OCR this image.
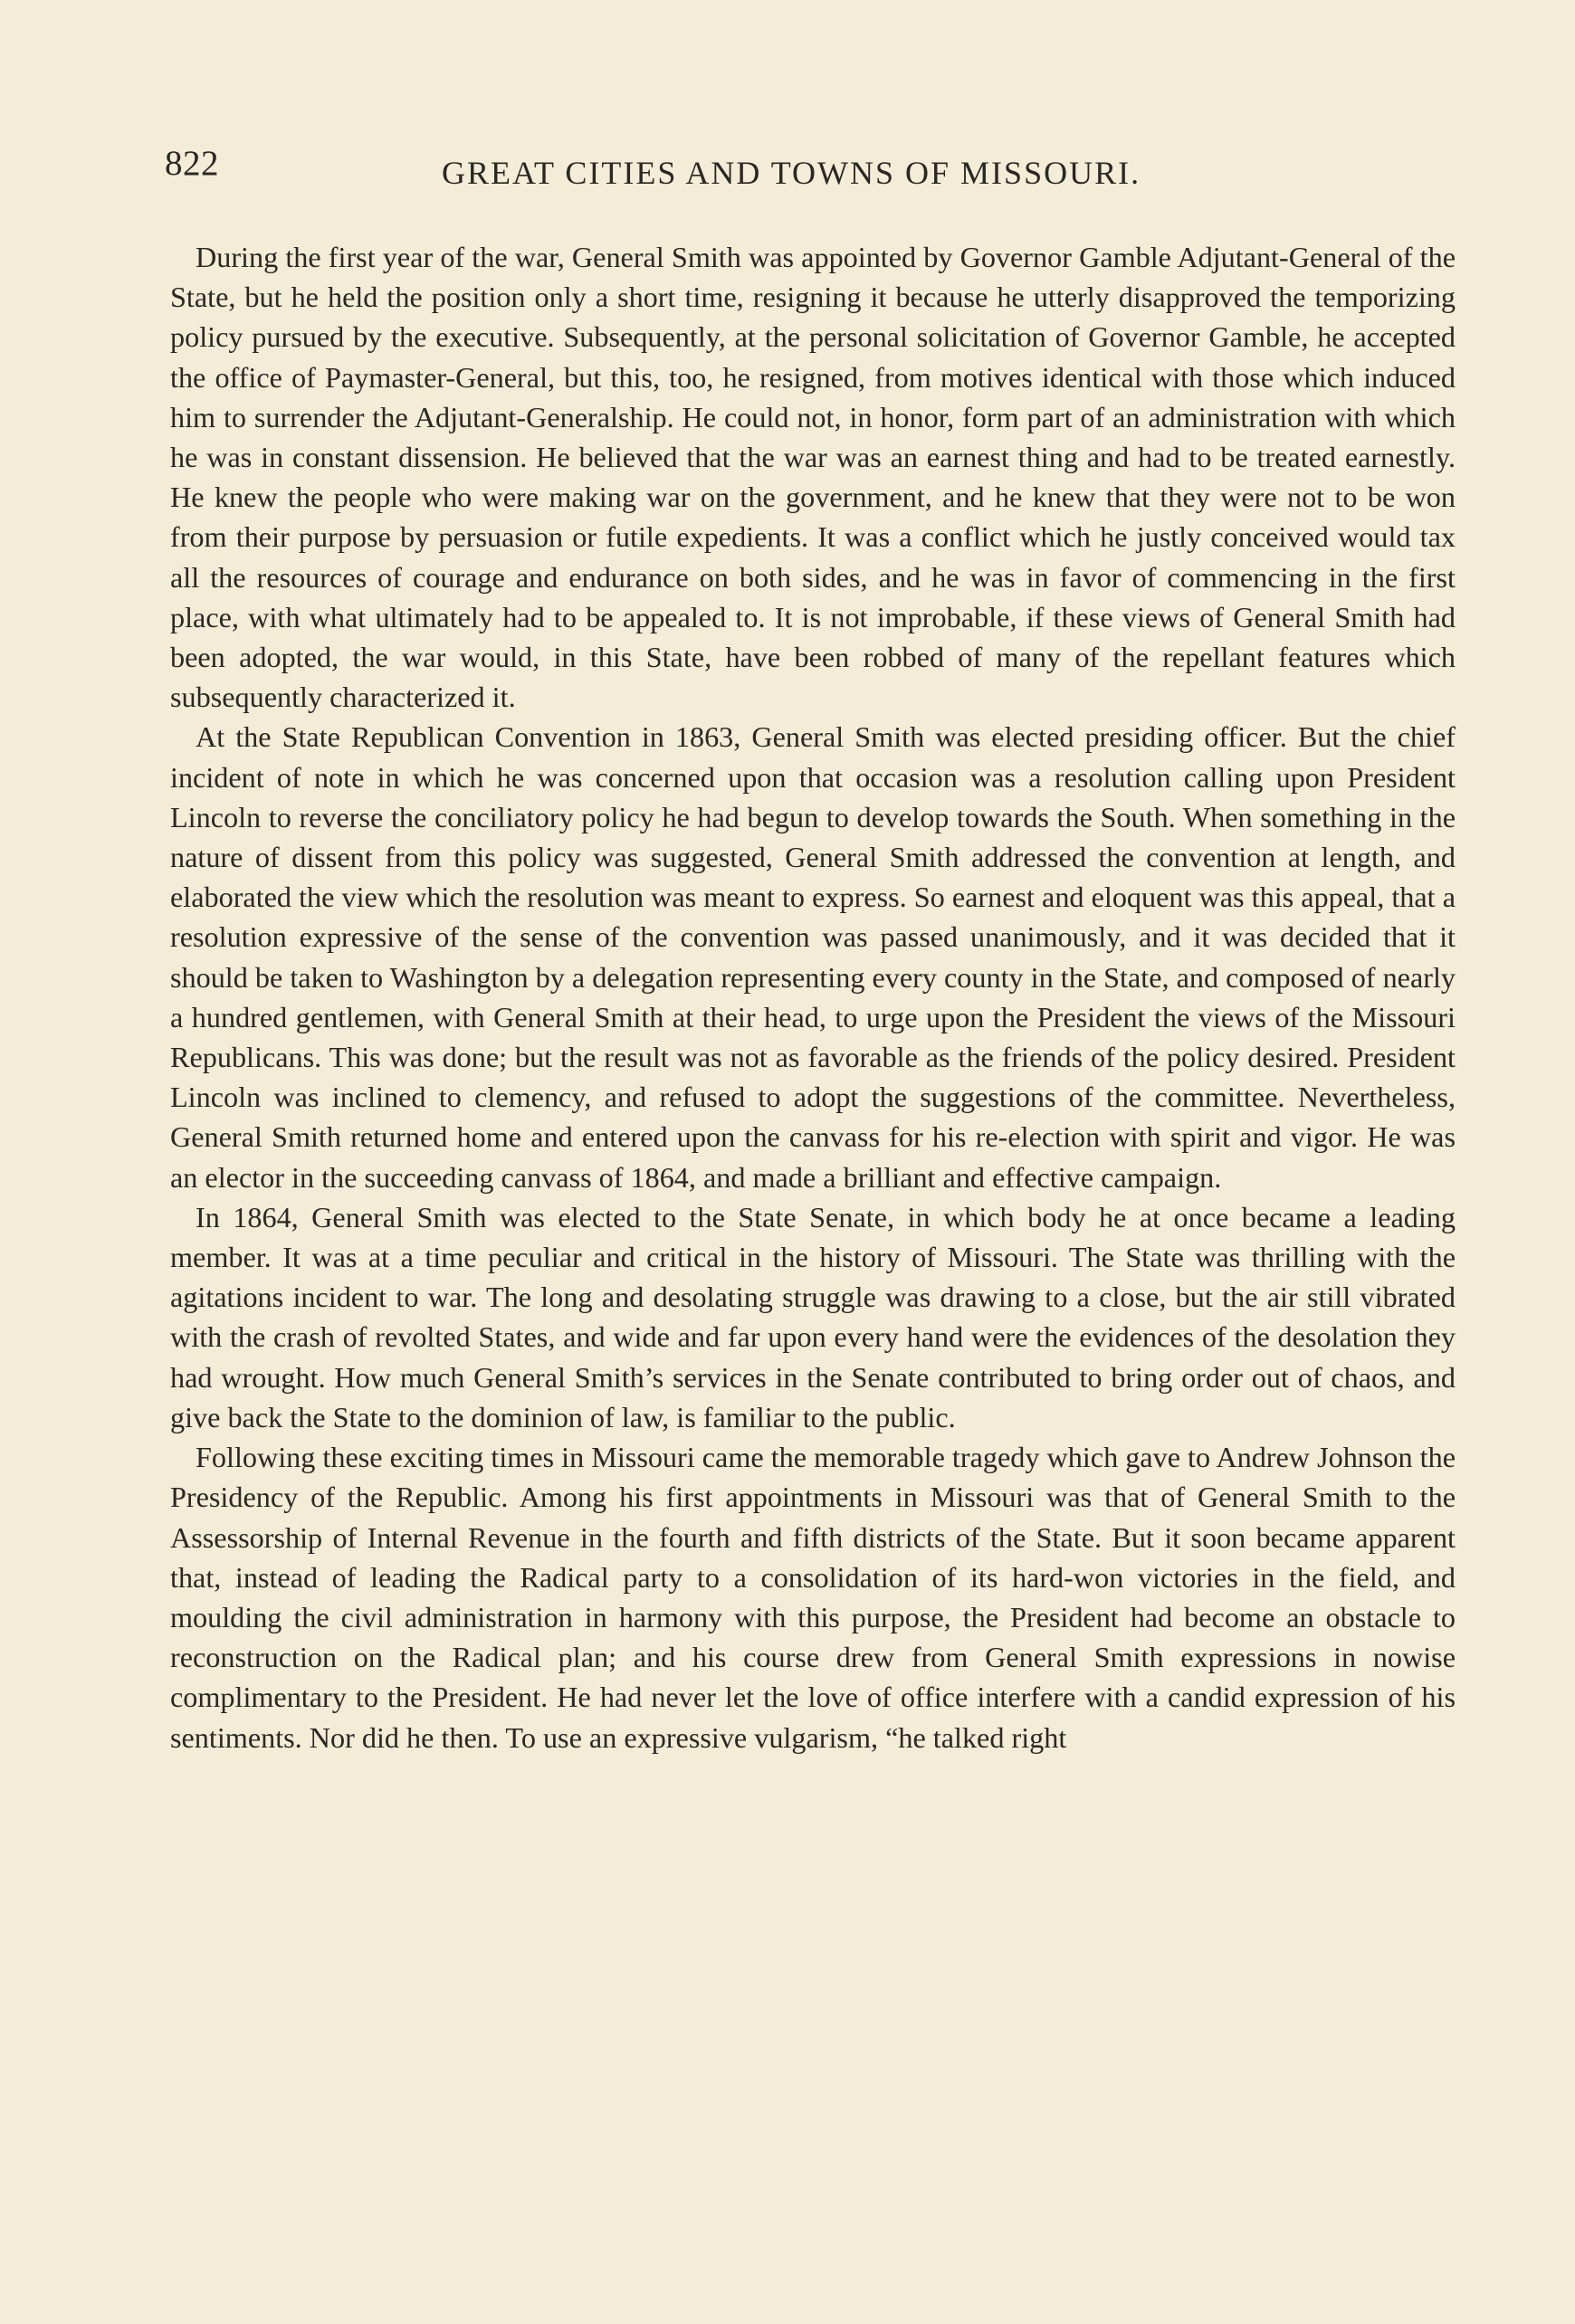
822	GREAT CITIES AND TOWNS OF MISSOURI.

During the first year of the war, General Smith was appointed by Governor Gamble Adjutant-General of the State, but he held the position only a short time, resigning it because he utterly disapproved the temporizing policy pursued by the executive. Subsequently, at the personal solicitation of Governor Gamble, he accepted the office of Paymaster-General, but this, too, he resigned, from motives identical with those which induced him to surrender the Adjutant-Generalship. He could not, in honor, form part of an administration with which he was in constant dissension. He believed that the war was an earnest thing and had to be treated earnestly. He knew the people who were making war on the government, and he knew that they were not to be won from their purpose by persuasion or futile expedients. It was a conflict which he justly conceived would tax all the resources of courage and endurance on both sides, and he was in favor of commencing in the first place, with what ultimately had to be appealed to. It is not improbable, if these views of General Smith had been adopted, the war would, in this State, have been robbed of many of the repellant features which subsequently characterized it.

At the State Republican Convention in 1863, General Smith was elected presiding officer. But the chief incident of note in which he was concerned upon that occasion was a resolution calling upon President Lincoln to reverse the conciliatory policy he had begun to develop towards the South. When something in the nature of dissent from this policy was suggested, General Smith addressed the convention at length, and elaborated the view which the resolution was meant to express. So earnest and eloquent was this appeal, that a resolution expressive of the sense of the convention was passed unanimously, and it was decided that it should be taken to Washington by a delegation representing every county in the State, and composed of nearly a hundred gentlemen, with General Smith at their head, to urge upon the President the views of the Missouri Republicans. This was done; but the result was not as favorable as the friends of the policy desired. President Lincoln was inclined to clemency, and refused to adopt the suggestions of the committee. Nevertheless, General Smith returned home and entered upon the canvass for his re-election with spirit and vigor. He was an elector in the succeeding canvass of 1864, and made a brilliant and effective campaign.

In 1864, General Smith was elected to the State Senate, in which body he at once became a leading member. It was at a time peculiar and critical in the history of Missouri. The State was thrilling with the agitations incident to war. The long and desolating struggle was drawing to a close, but the air still vibrated with the crash of revolted States, and wide and far upon every hand were the evidences of the desolation they had wrought. How much General Smith’s services in the Senate contributed to bring order out of chaos, and give back the State to the dominion of law, is familiar to the public.

Following these exciting times in Missouri came the memorable tragedy which gave to Andrew Johnson the Presidency of the Republic. Among his first appointments in Missouri was that of General Smith to the Assessorship of Internal Revenue in the fourth and fifth districts of the State. But it soon became apparent that, instead of leading the Radical party to a consolidation of its hard-won victories in the field, and moulding the civil administration in harmony with this purpose, the President had become an obstacle to reconstruction on the Radical plan; and his course drew from General Smith expressions in nowise complimentary to the President. He had never let the love of office interfere with a candid expression of his sentiments. Nor did he then. To use an expressive vulgarism, “he talked right
